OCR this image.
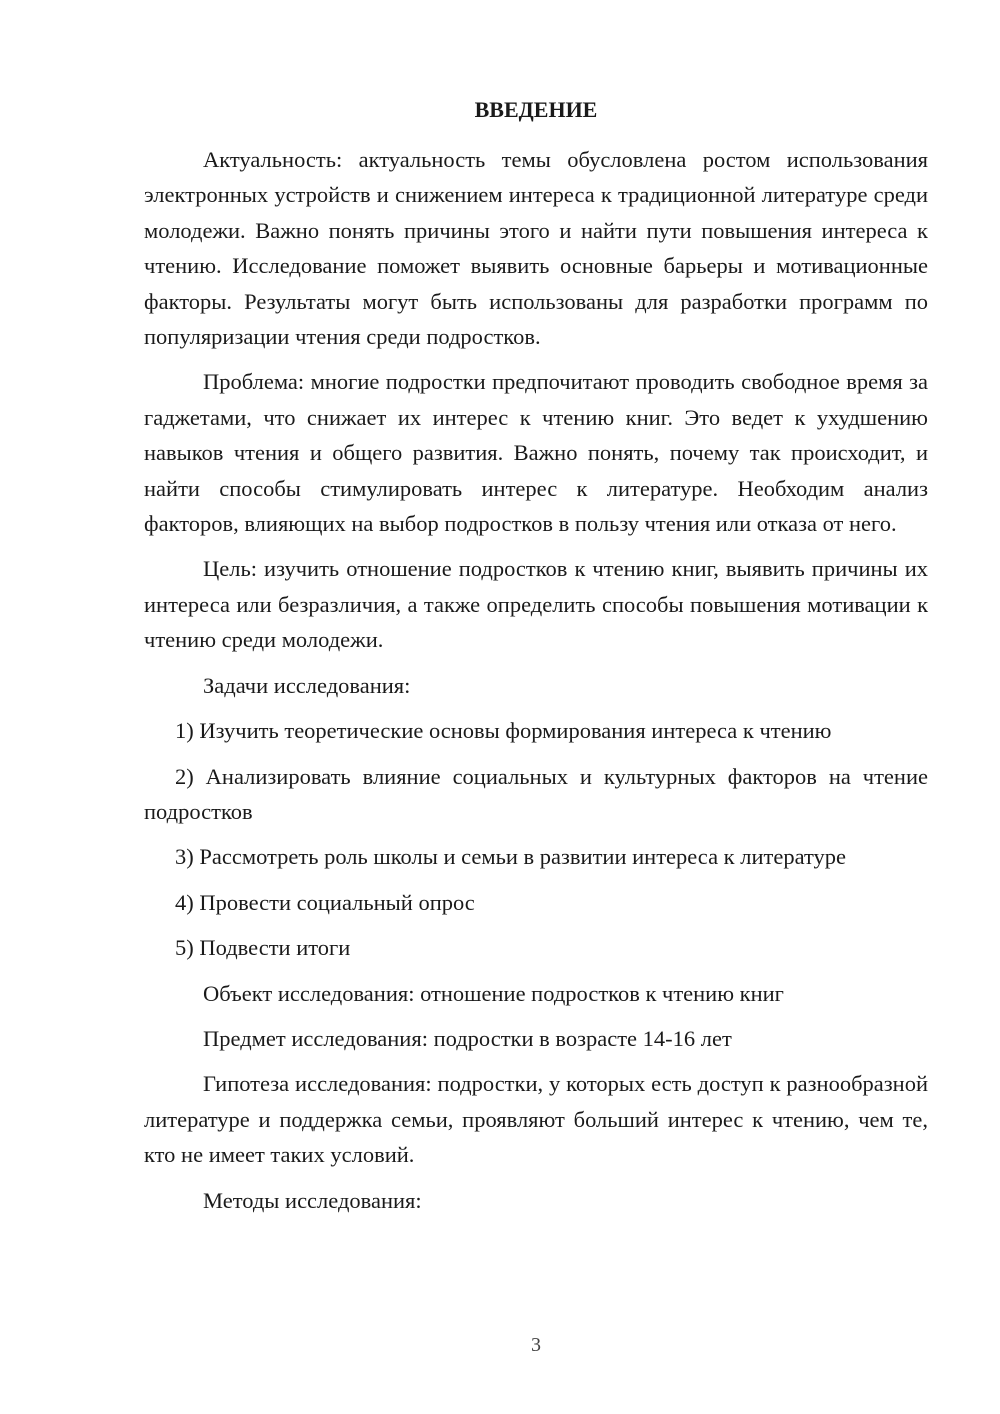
ВВЕДЕНИЕ

Актуальность: актуальность темы обусловлена ростом использования электронных устройств и снижением интереса к традиционной литературе среди молодежи. Важно понять причины этого и найти пути повышения интереса к чтению. Исследование поможет выявить основные барьеры и мотивационные факторы. Результаты могут быть использованы для разработки программ по популяризации чтения среди подростков.

Проблема: многие подростки предпочитают проводить свободное время за гаджетами, что снижает их интерес к чтению книг. Это ведет к ухудшению навыков чтения и общего развития. Важно понять, почему так происходит, и найти способы стимулировать интерес к литературе. Необходим анализ факторов, влияющих на выбор подростков в пользу чтения или отказа от него.

Цель: изучить отношение подростков к чтению книг, выявить причины их интереса или безразличия, а также определить способы повышения мотивации к чтению среди молодежи.

Задачи исследования:

1) Изучить теоретические основы формирования интереса к чтению

2) Анализировать влияние социальных и культурных факторов на чтение подростков

3) Рассмотреть роль школы и семьи в развитии интереса к литературе

4) Провести социальный опрос

5) Подвести итоги

Объект исследования: отношение подростков к чтению книг

Предмет исследования: подростки в возрасте 14-16 лет

Гипотеза исследования: подростки, у которых есть доступ к разнообразной литературе и поддержка семьи, проявляют больший интерес к чтению, чем те, кто не имеет таких условий.

Методы исследования:

3
